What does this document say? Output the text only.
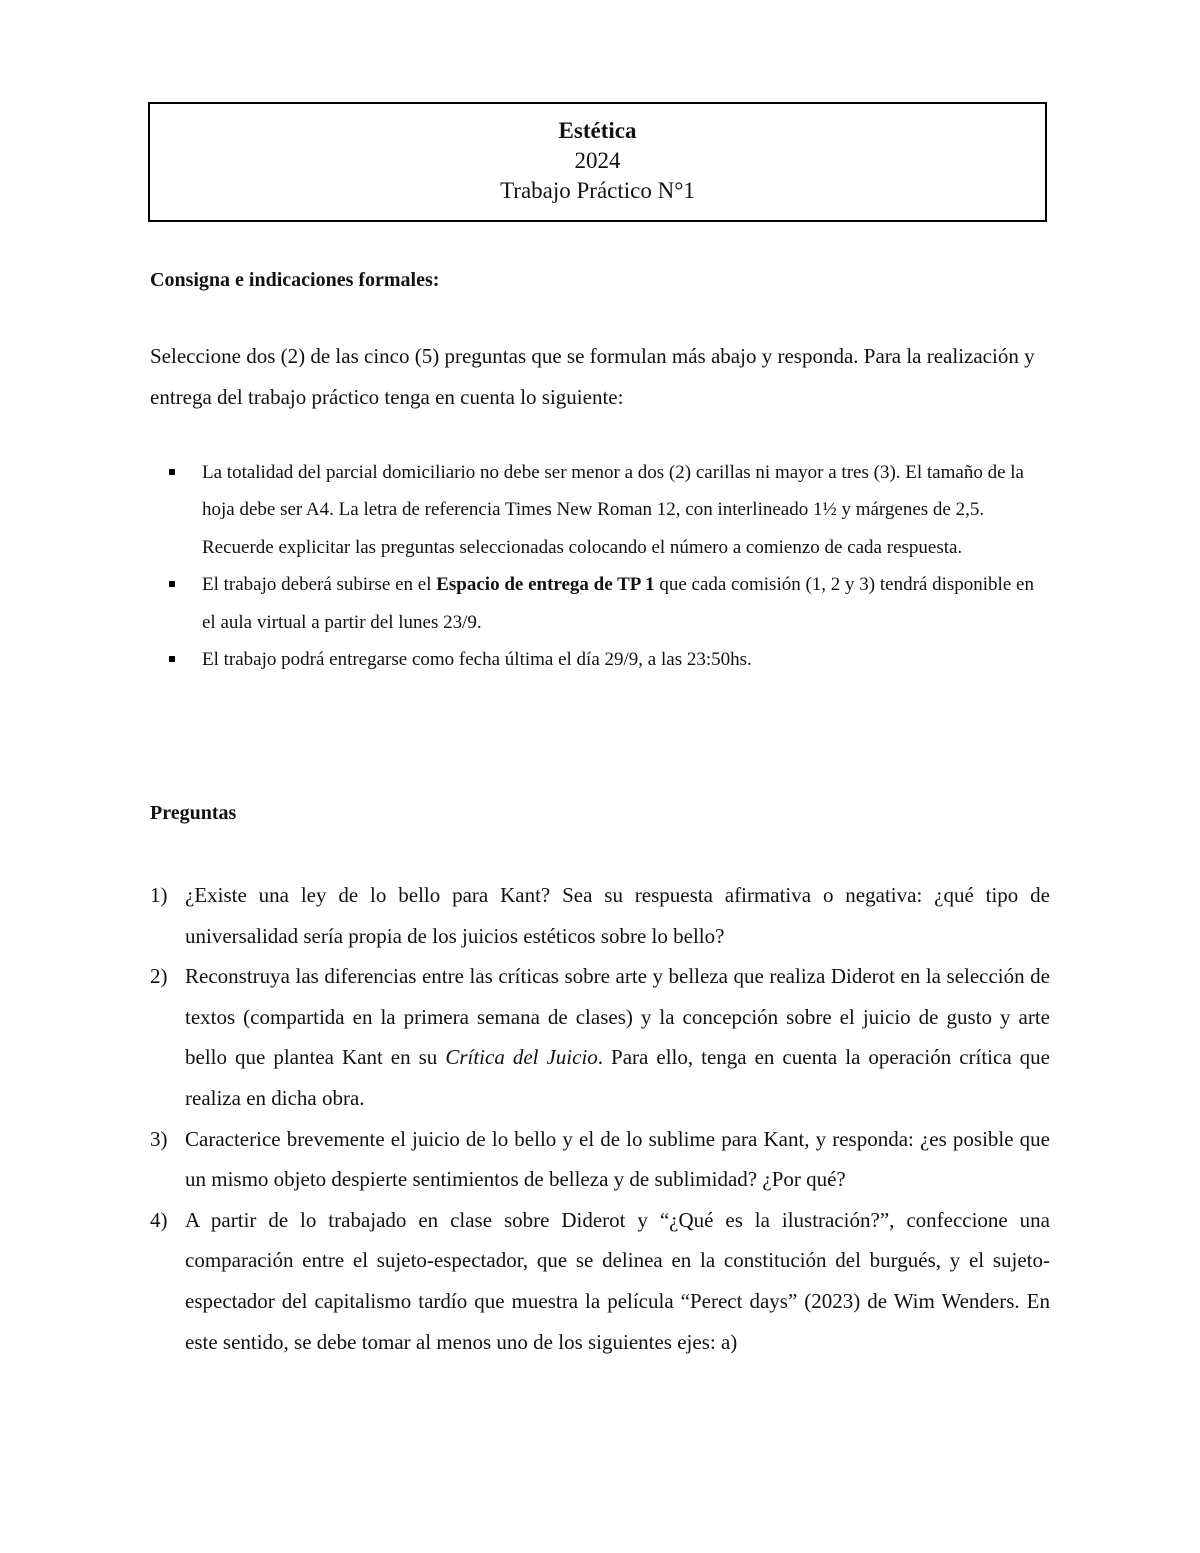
Estética
2024
Trabajo Práctico N°1
Consigna e indicaciones formales:

Seleccione dos (2) de las cinco (5) preguntas que se formulan más abajo y responda. Para la realización y entrega del trabajo práctico tenga en cuenta lo siguiente:

La totalidad del parcial domiciliario no debe ser menor a dos (2) carillas ni mayor a tres (3). El tamaño de la hoja debe ser A4. La letra de referencia Times New Roman 12, con interlineado 1½ y márgenes de 2,5. Recuerde explicitar las preguntas seleccionadas colocando el número a comienzo de cada respuesta.
El trabajo deberá subirse en el Espacio de entrega de TP 1 que cada comisión (1, 2 y 3) tendrá disponible en el aula virtual a partir del lunes 23/9.
El trabajo podrá entregarse como fecha última el día 29/9, a las 23:50hs.
Preguntas
1) ¿Existe una ley de lo bello para Kant? Sea su respuesta afirmativa o negativa: ¿qué tipo de universalidad sería propia de los juicios estéticos sobre lo bello?
2) Reconstruya las diferencias entre las críticas sobre arte y belleza que realiza Diderot en la selección de textos (compartida en la primera semana de clases) y la concepción sobre el juicio de gusto y arte bello que plantea Kant en su Crítica del Juicio. Para ello, tenga en cuenta la operación crítica que realiza en dicha obra.
3) Caracterice brevemente el juicio de lo bello y el de lo sublime para Kant, y responda: ¿es posible que un mismo objeto despierte sentimientos de belleza y de sublimidad? ¿Por qué?
4) A partir de lo trabajado en clase sobre Diderot y “¿Qué es la ilustración?”, confeccione una comparación entre el sujeto-espectador, que se delinea en la constitución del burgués, y el sujeto-espectador del capitalismo tardío que muestra la película “Perect days” (2023) de Wim Wenders. En este sentido, se debe tomar al menos uno de los siguientes ejes: a)
